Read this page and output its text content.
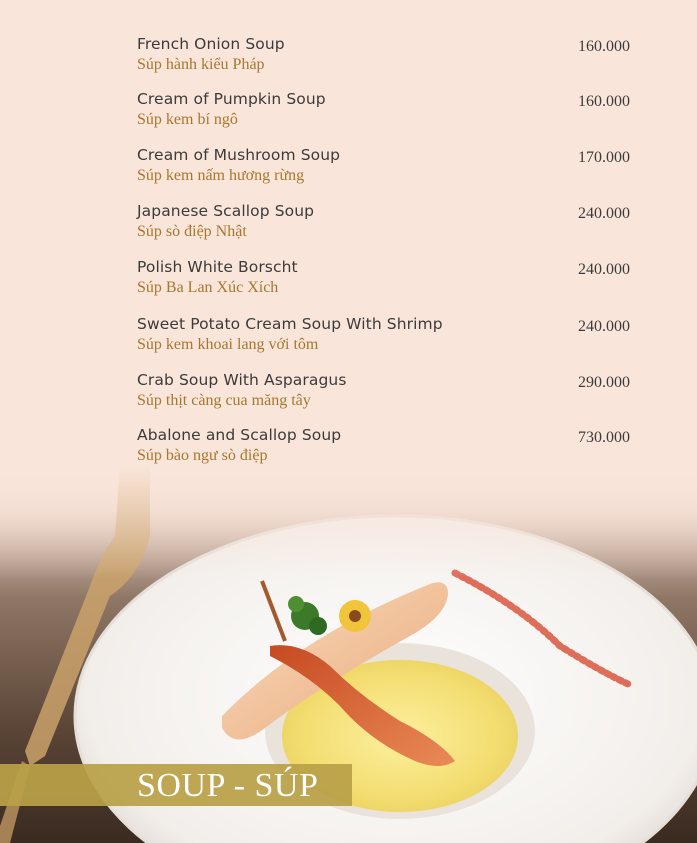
French Onion Soup
Súp hành kiểu Pháp
160.000
Cream of Pumpkin Soup
Súp kem bí ngô
160.000
Cream of Mushroom Soup
Súp kem nấm hương rừng
170.000
Japanese Scallop Soup
Súp sò điệp Nhật
240.000
Polish White Borscht
Súp Ba Lan Xúc Xích
240.000
Sweet Potato Cream Soup With Shrimp
Súp kem khoai lang với tôm
240.000
Crab Soup With Asparagus
Súp thịt càng cua măng tây
290.000
Abalone and Scallop Soup
Súp bào ngư sò điệp
730.000
SOUP - SÚP
